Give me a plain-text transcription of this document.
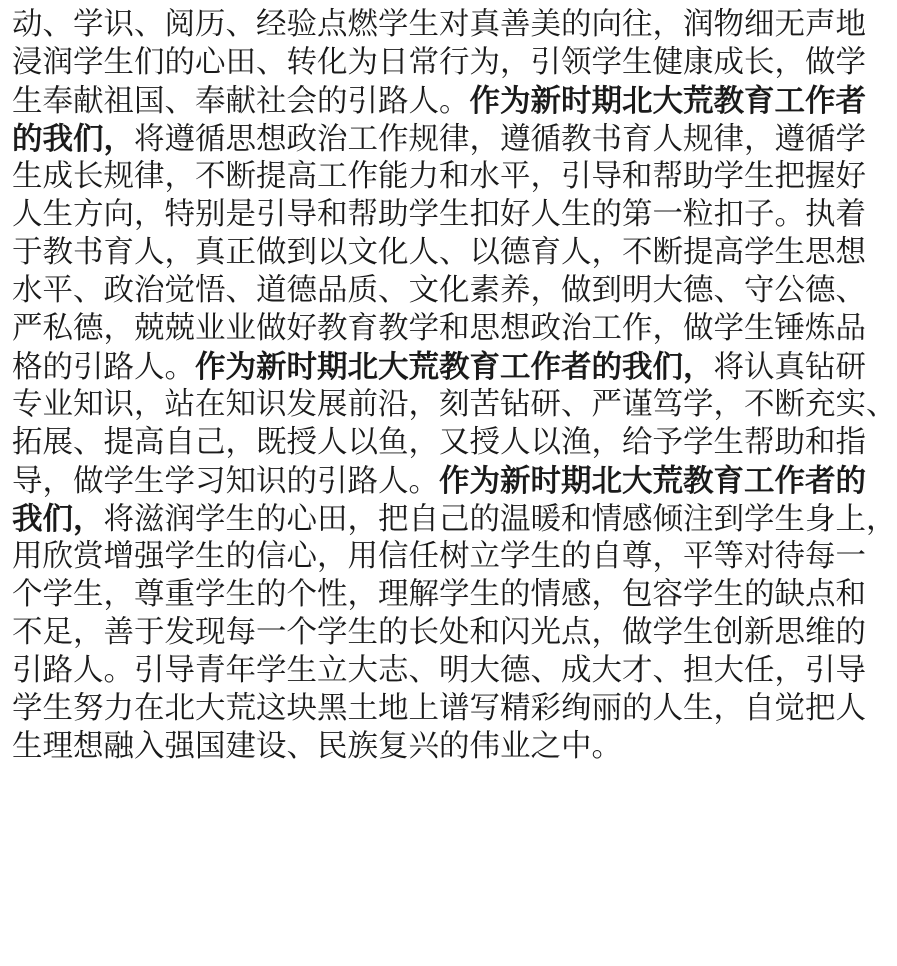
动、学识、阅历、经验点燃学生对真善美的向往，润物细无声地
浸润学生们的心田、转化为日常行为，引领学生健康成长，做学
生奉献祖国、奉献社会的引路人。作为新时期北大荒教育工作者
的我们，将遵循思想政治工作规律，遵循教书育人规律，遵循学
生成长规律，不断提高工作能力和水平，引导和帮助学生把握好
人生方向，特别是引导和帮助学生扣好人生的第一粒扣子。执着
于教书育人，真正做到以文化人、以德育人，不断提高学生思想
水平、政治觉悟、道德品质、文化素养，做到明大德、守公德、
严私德，兢兢业业做好教育教学和思想政治工作，做学生锤炼品
格的引路人。作为新时期北大荒教育工作者的我们，将认真钻研
专业知识，站在知识发展前沿，刻苦钻研、严谨笃学，不断充实、
拓展、提高自己，既授人以鱼，又授人以渔，给予学生帮助和指
导，做学生学习知识的引路人。作为新时期北大荒教育工作者的
我们，将滋润学生的心田，把自己的温暖和情感倾注到学生身上，
用欣赏增强学生的信心，用信任树立学生的自尊，平等对待每一
个学生，尊重学生的个性，理解学生的情感，包容学生的缺点和
不足，善于发现每一个学生的长处和闪光点，做学生创新思维的
引路人。引导青年学生立大志、明大德、成大才、担大任，引导
学生努力在北大荒这块黑土地上谱写精彩绚丽的人生，自觉把人
生理想融入强国建设、民族复兴的伟业之中。
